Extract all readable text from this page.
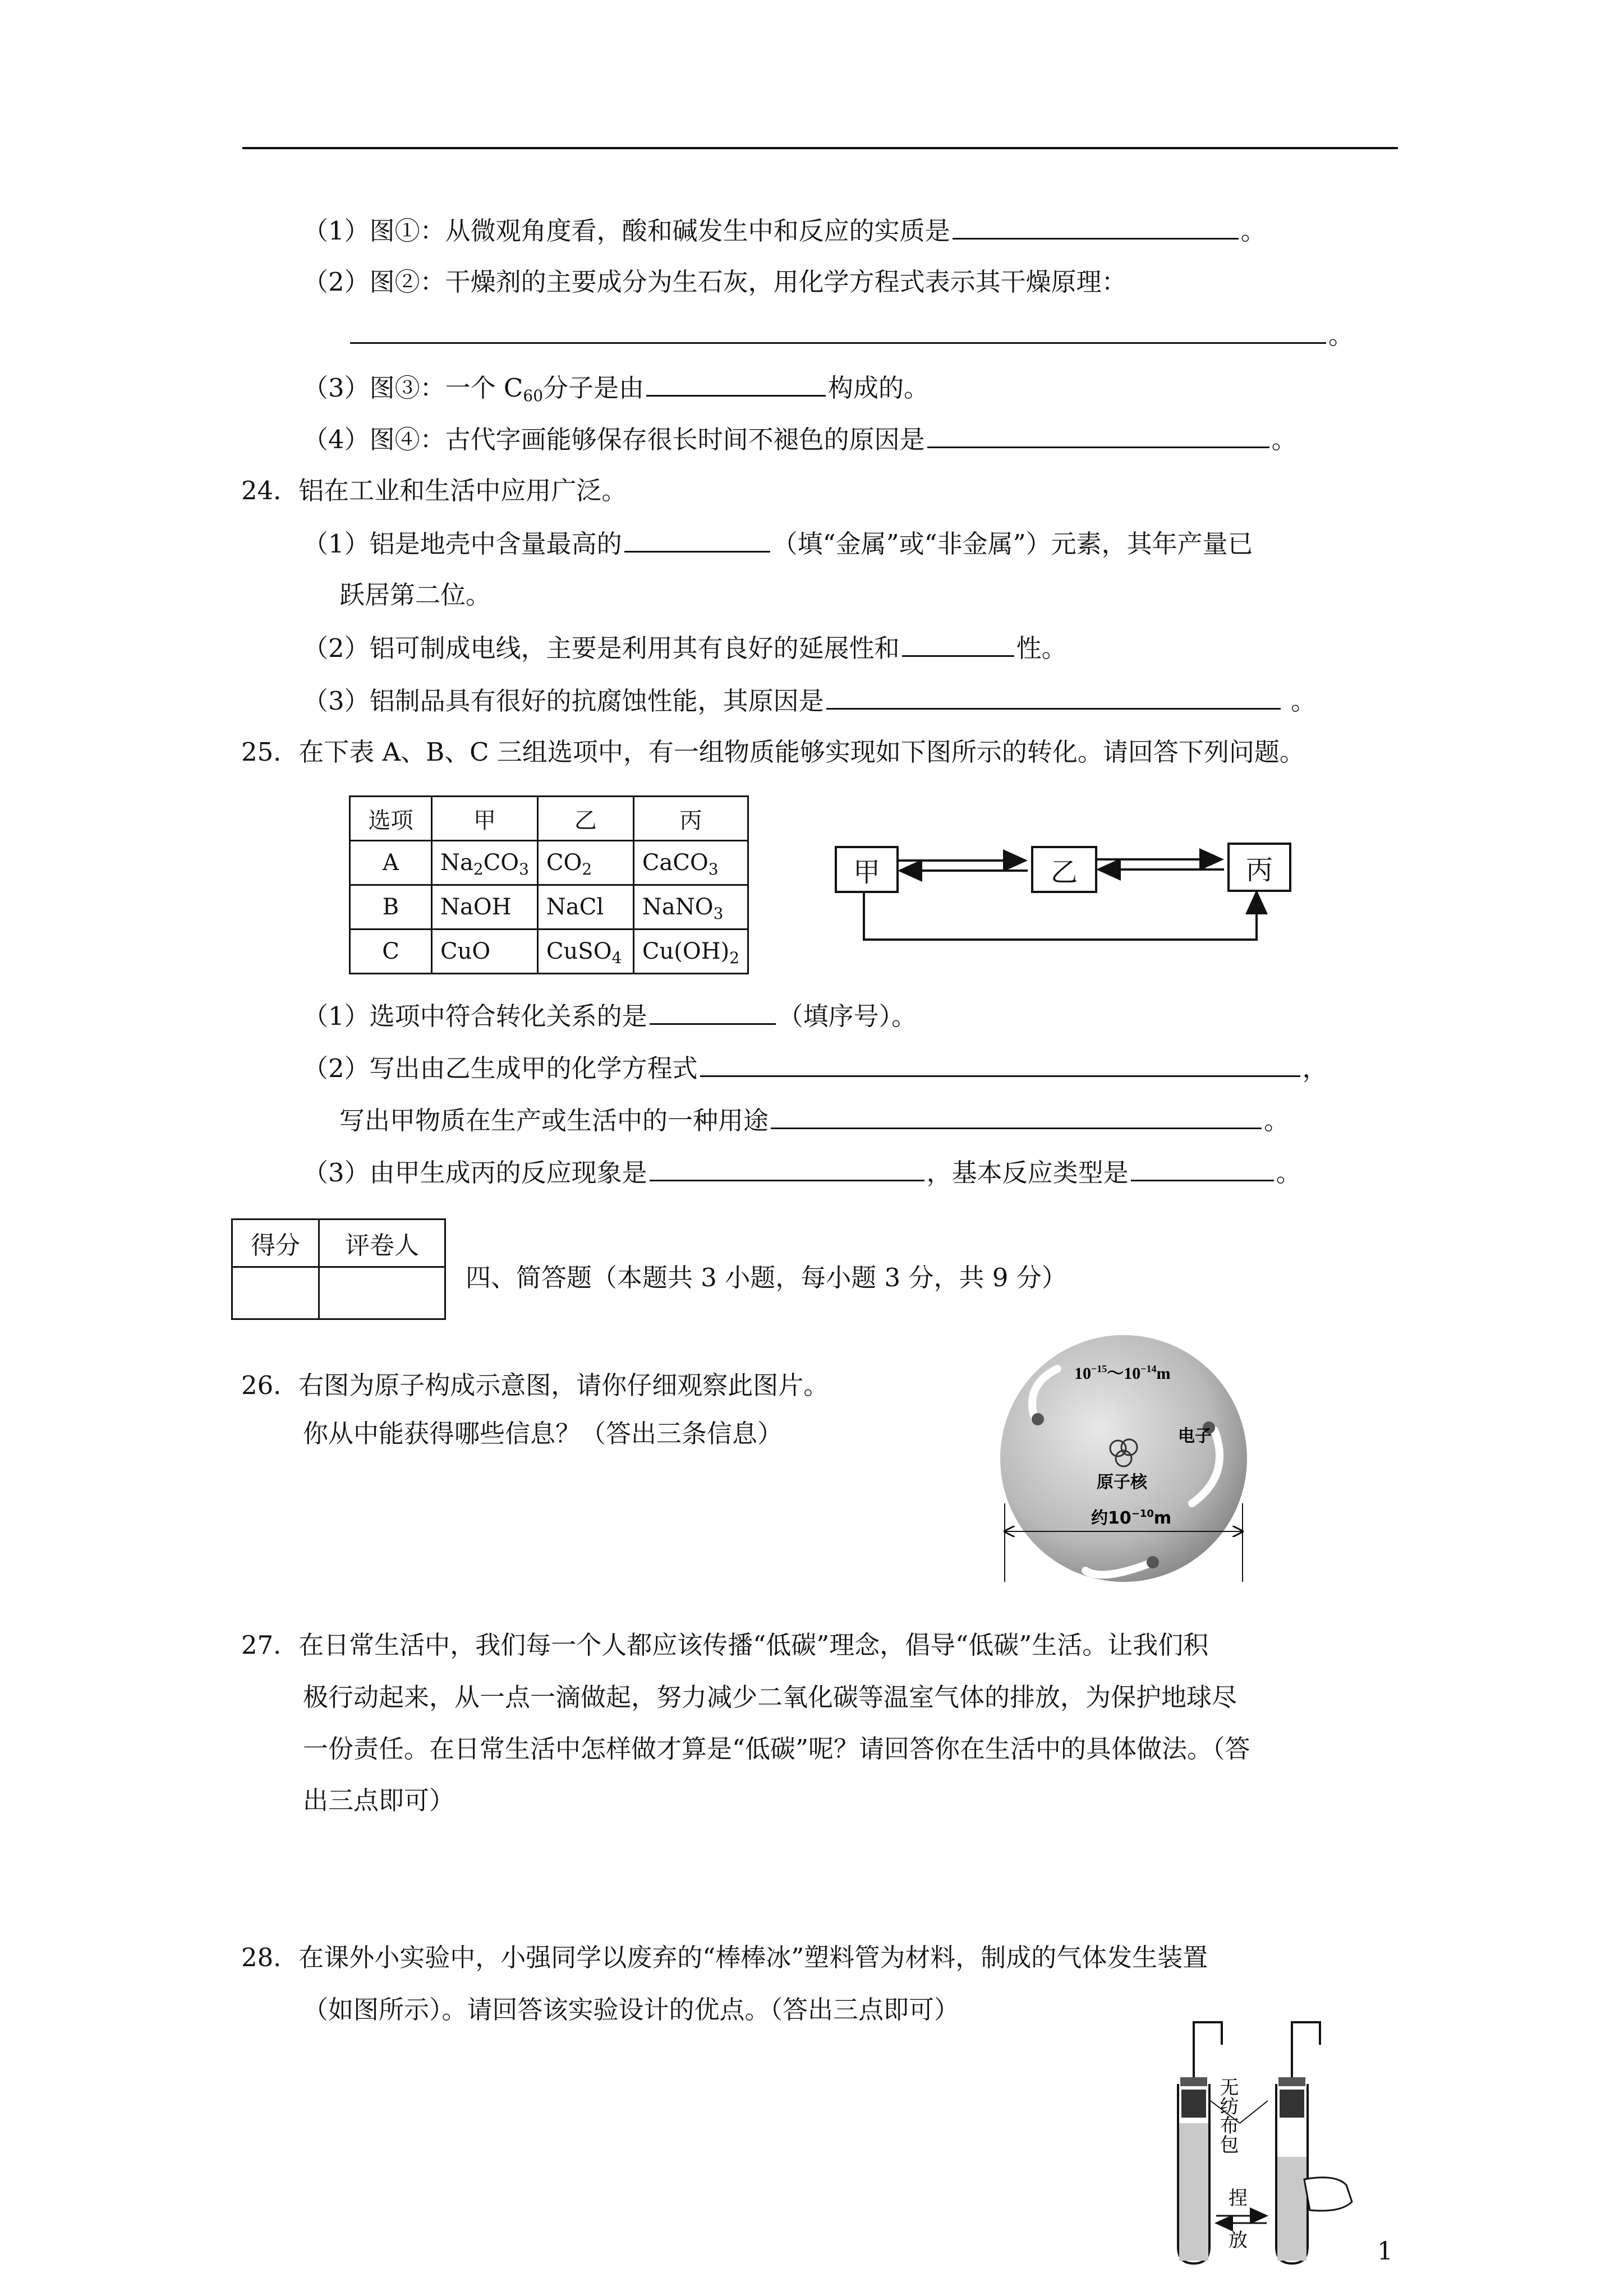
（1）图①：从微观角度看，酸和碱发生中和反应的实质是	。
（2）图②：干燥剂的主要成分为生石灰，用化学方程式表示其干燥原理：
。
（3）图③：一个 $C_{60}$分子是由	构成的。
（4）图④：古代字画能够保存很长时间不褪色的原因是	。
24．铝在工业和生活中应用广泛。
（1）铝是地壳中含量最高的	（填“金属”或“非金属”）元素，其年产量已
跃居第二位。
（2）铝可制成电线，主要是利用其有良好的延展性和	性。
（3）铝制品具有很好的抗腐蚀性能，其原因是	。
25．在下表 A、B、C 三组选项中，有一组物质能够实现如下图所示的转化。请回答下列问题。
选项	甲	乙	丙
A	$Na_2CO_3$	$CO_2$	CaCO$_3$
B	NaOH	NaCl	NaNO$_3$
C	CuO	CuSO$_4$	$Cu(OH)_2$
甲	乙	丙
（1）选项中符合转化关系的是	（填序号）。
（2）写出由乙生成甲的化学方程式	，
写出甲物质在生产或生活中的一种用途	。
（3）由甲生成丙的反应现象是	，基本反应类型是	。
得分	评卷人

四、简答题（本题共 3 小题，每小题 3 分，共 9 分）
26．右图为原子构成示意图，请你仔细观察此图片。
你从中能获得哪些信息？（答出三条信息）
$10^{-15}\sim 10^{-14}m$
电子
原子核
约$10^{-10}m$
27．在日常生活中，我们每一个人都应该传播“低碳”理念，倡导“低碳”生活。让我们积
极行动起来，从一点一滴做起，努力减少二氧化碳等温室气体的排放，为保护地球尽
一份责任。在日常生活中怎样做才算是“低碳”呢？请回答你在生活中的具体做法。（答
出三点即可）
28．在课外小实验中，小强同学以废弃的“棒棒冰”塑料管为材料，制成的气体发生装置
（如图所示）。请回答该实验设计的优点。（答出三点即可）
无纺布包
捏
放	1
